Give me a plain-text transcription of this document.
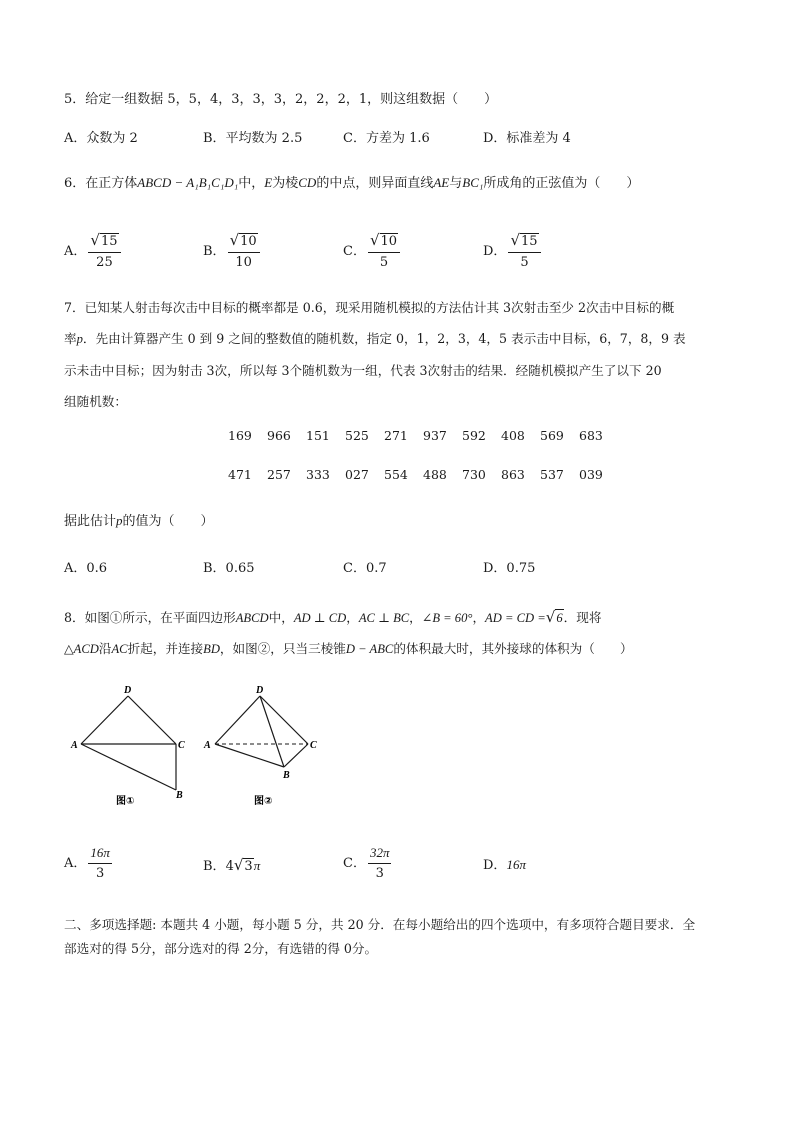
5．给定一组数据 5，5，4，3，3，3，2，2，2，1，则这组数据（　　）
A．众数为 2	B．平均数为 2.5	C．方差为 1.6	D．标准差为 4
6．在正方体ABCD − A₁B₁C₁D₁中，E为棱CD的中点，则异面直线AE与BC₁所成角的正弦值为（　　）
A． $\frac{√15}{25}$	B． $\frac{√10}{10}$	C． $\frac{√10}{5}$	D． $\frac{√15}{5}$
7．已知某人射击每次击中目标的概率都是 0.6，现采用随机模拟的方法估计其 3次射击至少 2次击中目标的概
率p．先由计算器产生 0 到 9 之间的整数值的随机数，指定 0，1，2，3，4，5 表示击中目标，6，7，8，9 表
示未击中目标；因为射击 3次，所以每 3个随机数为一组，代表 3次射击的结果．经随机模拟产生了以下 20
组随机数：
169 966 151 525 271 937 592 408 569 683
471 257 333 027 554 488 730 863 537 039
据此估计p的值为（　　）
A．0.6	B．0.65	C．0.7	D．0.75
8．如图①所示，在平面四边形ABCD中，AD ⊥ CD，AC ⊥ BC，∠B = 60°，AD = CD =√6．现将
△ACD沿AC折起，并连接BD，如图②，只当三棱锥D − ABC的体积最大时，其外接球的体积为（　　）
D
A	C
B
图①
D
A	C
B
图②
A． $\frac{16\pi}{3}$	B．4√3π	C． $\frac{32\pi}{3}$	D．16π
二、多项选择题: 本题共 4 小题，每小题 5 分，共 20 分．在每小题给出的四个选项中，有多项符合题目要求．全
部选对的得 5分，部分选对的得 2分，有选错的得 0分。
